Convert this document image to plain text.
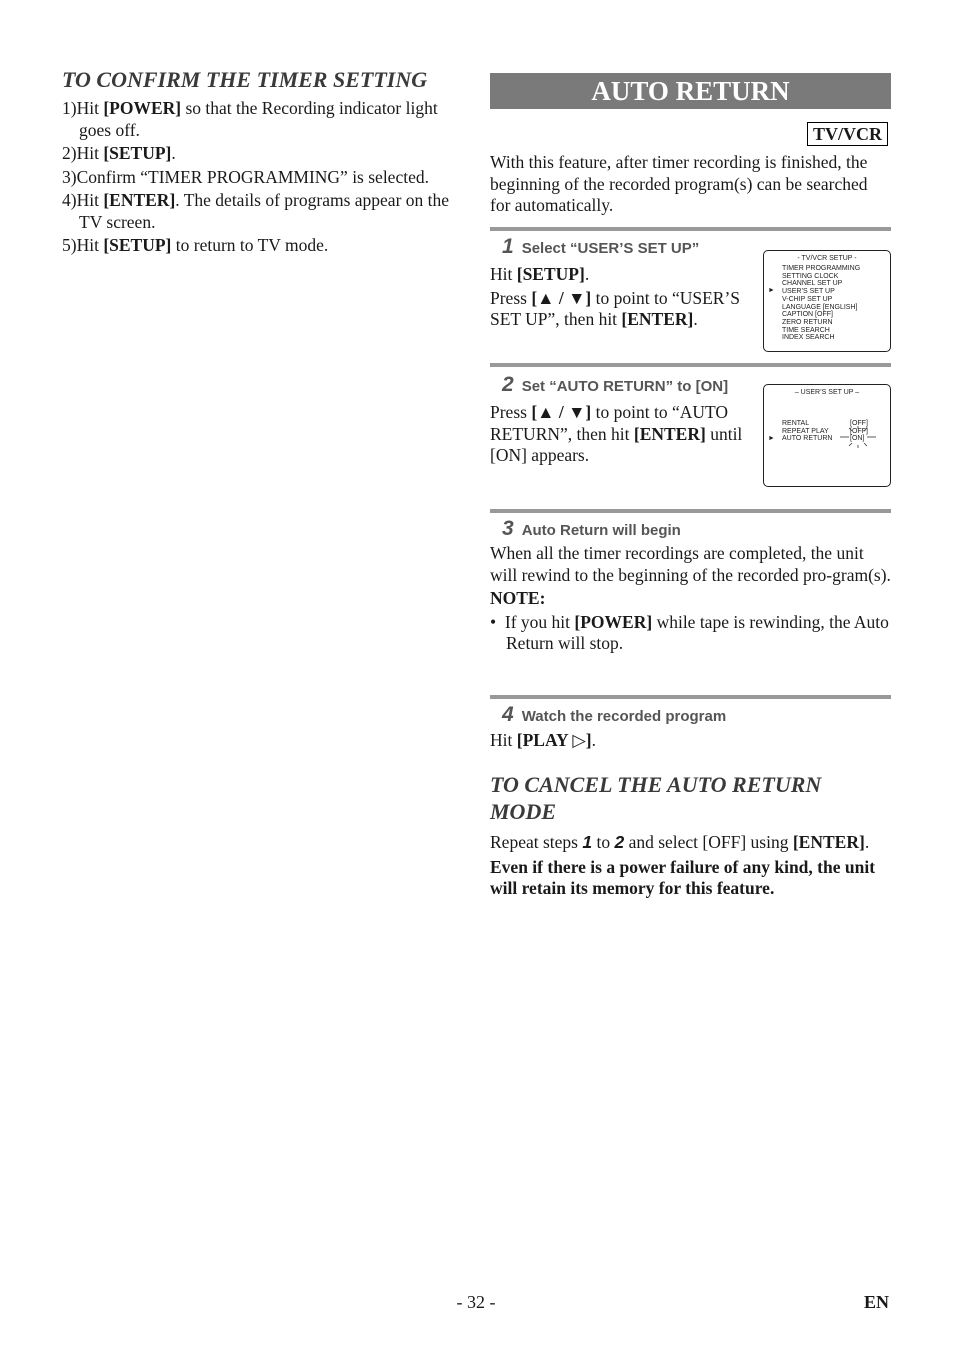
TO CONFIRM THE TIMER SETTING
1)Hit [POWER] so that the Recording indicator light goes off.
2)Hit [SETUP].
3)Confirm “TIMER PROGRAMMING” is selected.
4)Hit [ENTER]. The details of programs appear on the TV screen.
5)Hit [SETUP] to return to TV mode.
AUTO RETURN
TV/VCR
With this feature, after timer recording is finished, the beginning of the recorded program(s) can be searched for automatically.
1 Select “USER’S SET UP”
Hit [SETUP].
Press [▲ / ▼] to point to “USER’S SET UP”, then hit [ENTER].
- TV/VCR SETUP -
►
TIMER PROGRAMMING
SETTING CLOCK
CHANNEL SET UP
USER’S SET UP
V-CHIP SET UP
LANGUAGE [ENGLISH]
CAPTION [OFF]
ZERO RETURN
TIME SEARCH
INDEX SEARCH
2 Set “AUTO RETURN” to [ON]
Press [▲ / ▼] to point to “AUTO RETURN”, then hit [ENTER] until [ON] appears.
– USER’S SET UP –
►
RENTAL	[OFF]
REPEAT PLAY	[OFF]
AUTO RETURN	[ON]
3 Auto Return will begin
When all the timer recordings are completed, the unit will rewind to the beginning of the recorded pro-gram(s).
NOTE:
• If you hit [POWER] while tape is rewinding, the Auto Return will stop.
4 Watch the recorded program
Hit [PLAY ▷].
TO CANCEL THE AUTO RETURN MODE
Repeat steps 1 to 2 and select [OFF] using [ENTER].
Even if there is a power failure of any kind, the unit will retain its memory for this feature.
- 32 -	EN
